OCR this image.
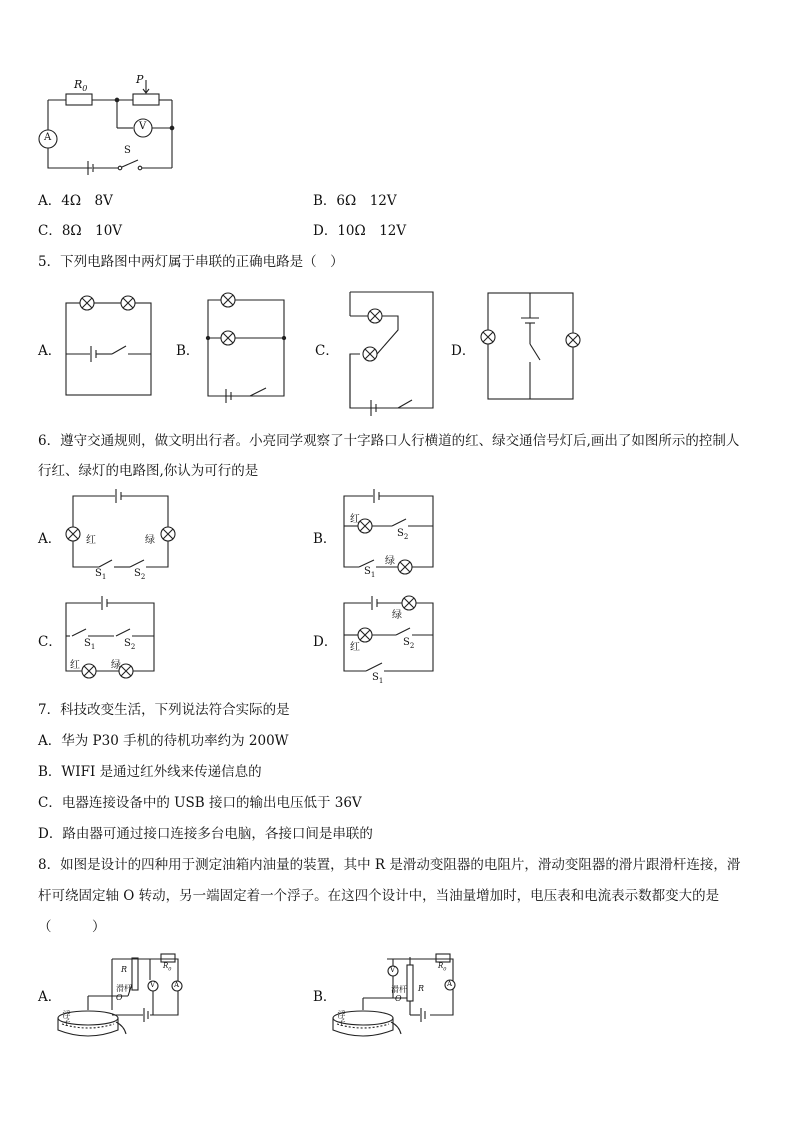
$R_0$
P
V
A
S
A．4Ω　8V	B．6Ω　12V
C．8Ω　10V	D．10Ω　12V
5．下列电路图中两灯属于串联的正确电路是（　）
A．	B．	C．	D．
6．遵守交通规则，做文明出行者。小亮同学观察了十字路口人行横道的红、绿交通信号灯后,画出了如图所示的控制人
行红、绿灯的电路图,你认为可行的是
A．	B．
C．	D．
红	绿
$S_1$	$S_2$
红
$S_2$
绿
$S_1$
$S_1$	$S_2$
红	绿
绿
红	$S_2$
$S_1$
7．科技改变生活，下列说法符合实际的是
A．华为 P30 手机的待机功率约为 200W
B．WIFI 是通过红外线来传递信息的
C．电器连接设备中的 USB 接口的输出电压低于 36V
D．路由器可通过接口连接多台电脑，各接口间是串联的
8．如图是设计的四种用于测定油箱内油量的装置，其中 R 是滑动变阻器的电阻片，滑动变阻器的滑片跟滑杆连接，滑
杆可绕固定轴 O 转动，另一端固定着一个浮子。在这四个设计中，当油量增加时，电压表和电流表示数都变大的是
（　　　）
A．	B．
R
滑杆
O
$R_0$
V	A
浮子
V	$R_0$
A
滑杆
O
R
浮子
